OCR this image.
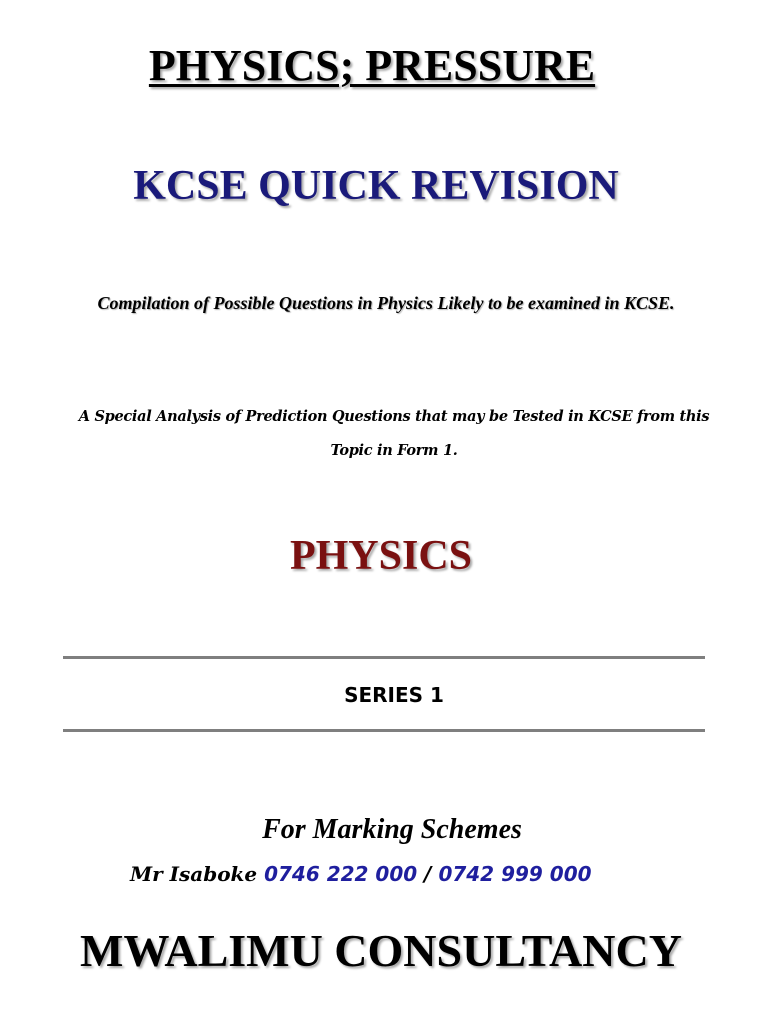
PHYSICS; PRESSURE
KCSE QUICK REVISION
Compilation of Possible Questions in Physics Likely to be examined in KCSE.
A Special Analysis of Prediction Questions that may be Tested in KCSE from this Topic in Form 1.
PHYSICS
SERIES 1
For Marking Schemes
Mr Isaboke 0746 222 000 / 0742 999 000
MWALIMU CONSULTANCY
